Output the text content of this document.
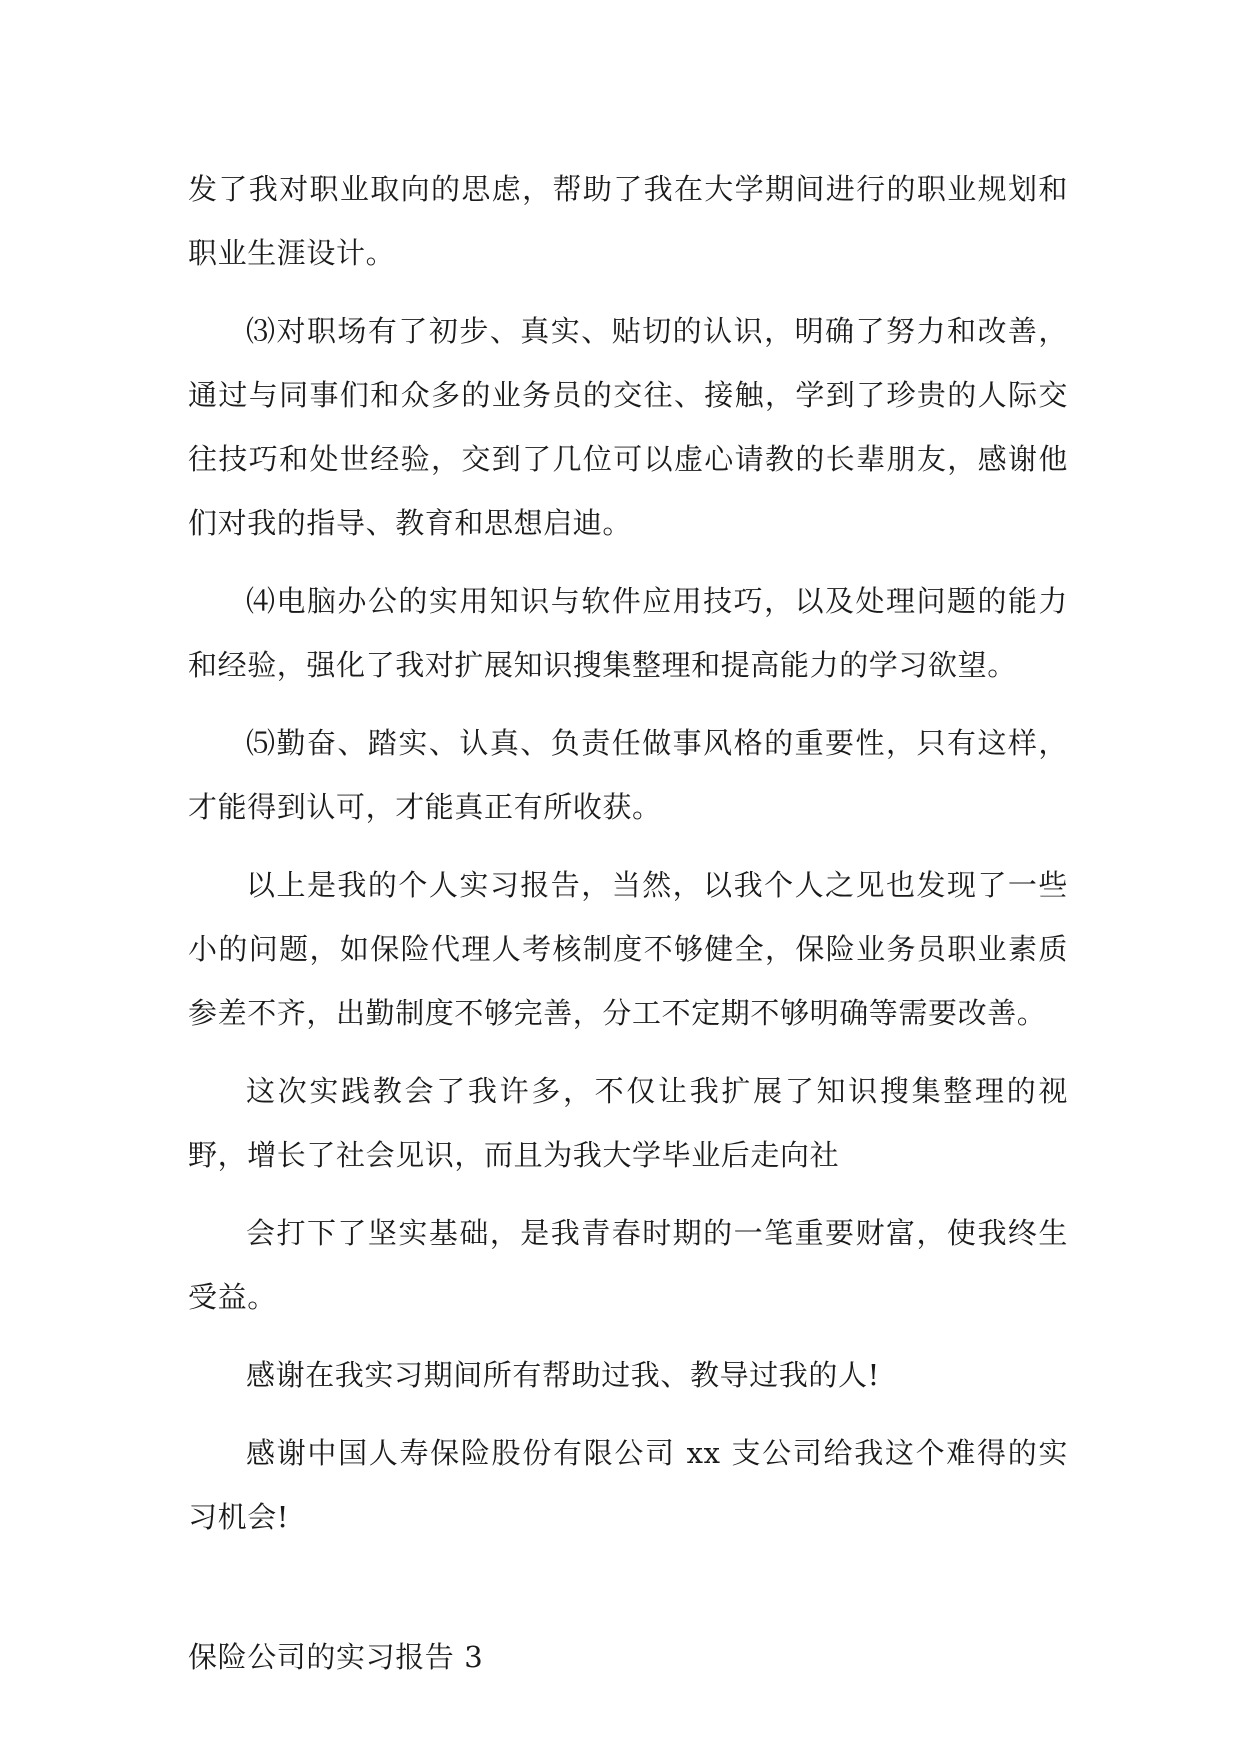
发了我对职业取向的思虑，帮助了我在大学期间进行的职业规划和职业生涯设计。

⑶对职场有了初步、真实、贴切的认识，明确了努力和改善，通过与同事们和众多的业务员的交往、接触，学到了珍贵的人际交往技巧和处世经验，交到了几位可以虚心请教的长辈朋友，感谢他们对我的指导、教育和思想启迪。

⑷电脑办公的实用知识与软件应用技巧，以及处理问题的能力和经验，强化了我对扩展知识搜集整理和提高能力的学习欲望。

⑸勤奋、踏实、认真、负责任做事风格的重要性，只有这样，才能得到认可，才能真正有所收获。

以上是我的个人实习报告，当然，以我个人之见也发现了一些小的问题，如保险代理人考核制度不够健全，保险业务员职业素质参差不齐，出勤制度不够完善，分工不定期不够明确等需要改善。

这次实践教会了我许多，不仅让我扩展了知识搜集整理的视野，增长了社会见识，而且为我大学毕业后走向社

会打下了坚实基础，是我青春时期的一笔重要财富，使我终生受益。

感谢在我实习期间所有帮助过我、教导过我的人!

感谢中国人寿保险股份有限公司 xx 支公司给我这个难得的实习机会!

保险公司的实习报告 3
